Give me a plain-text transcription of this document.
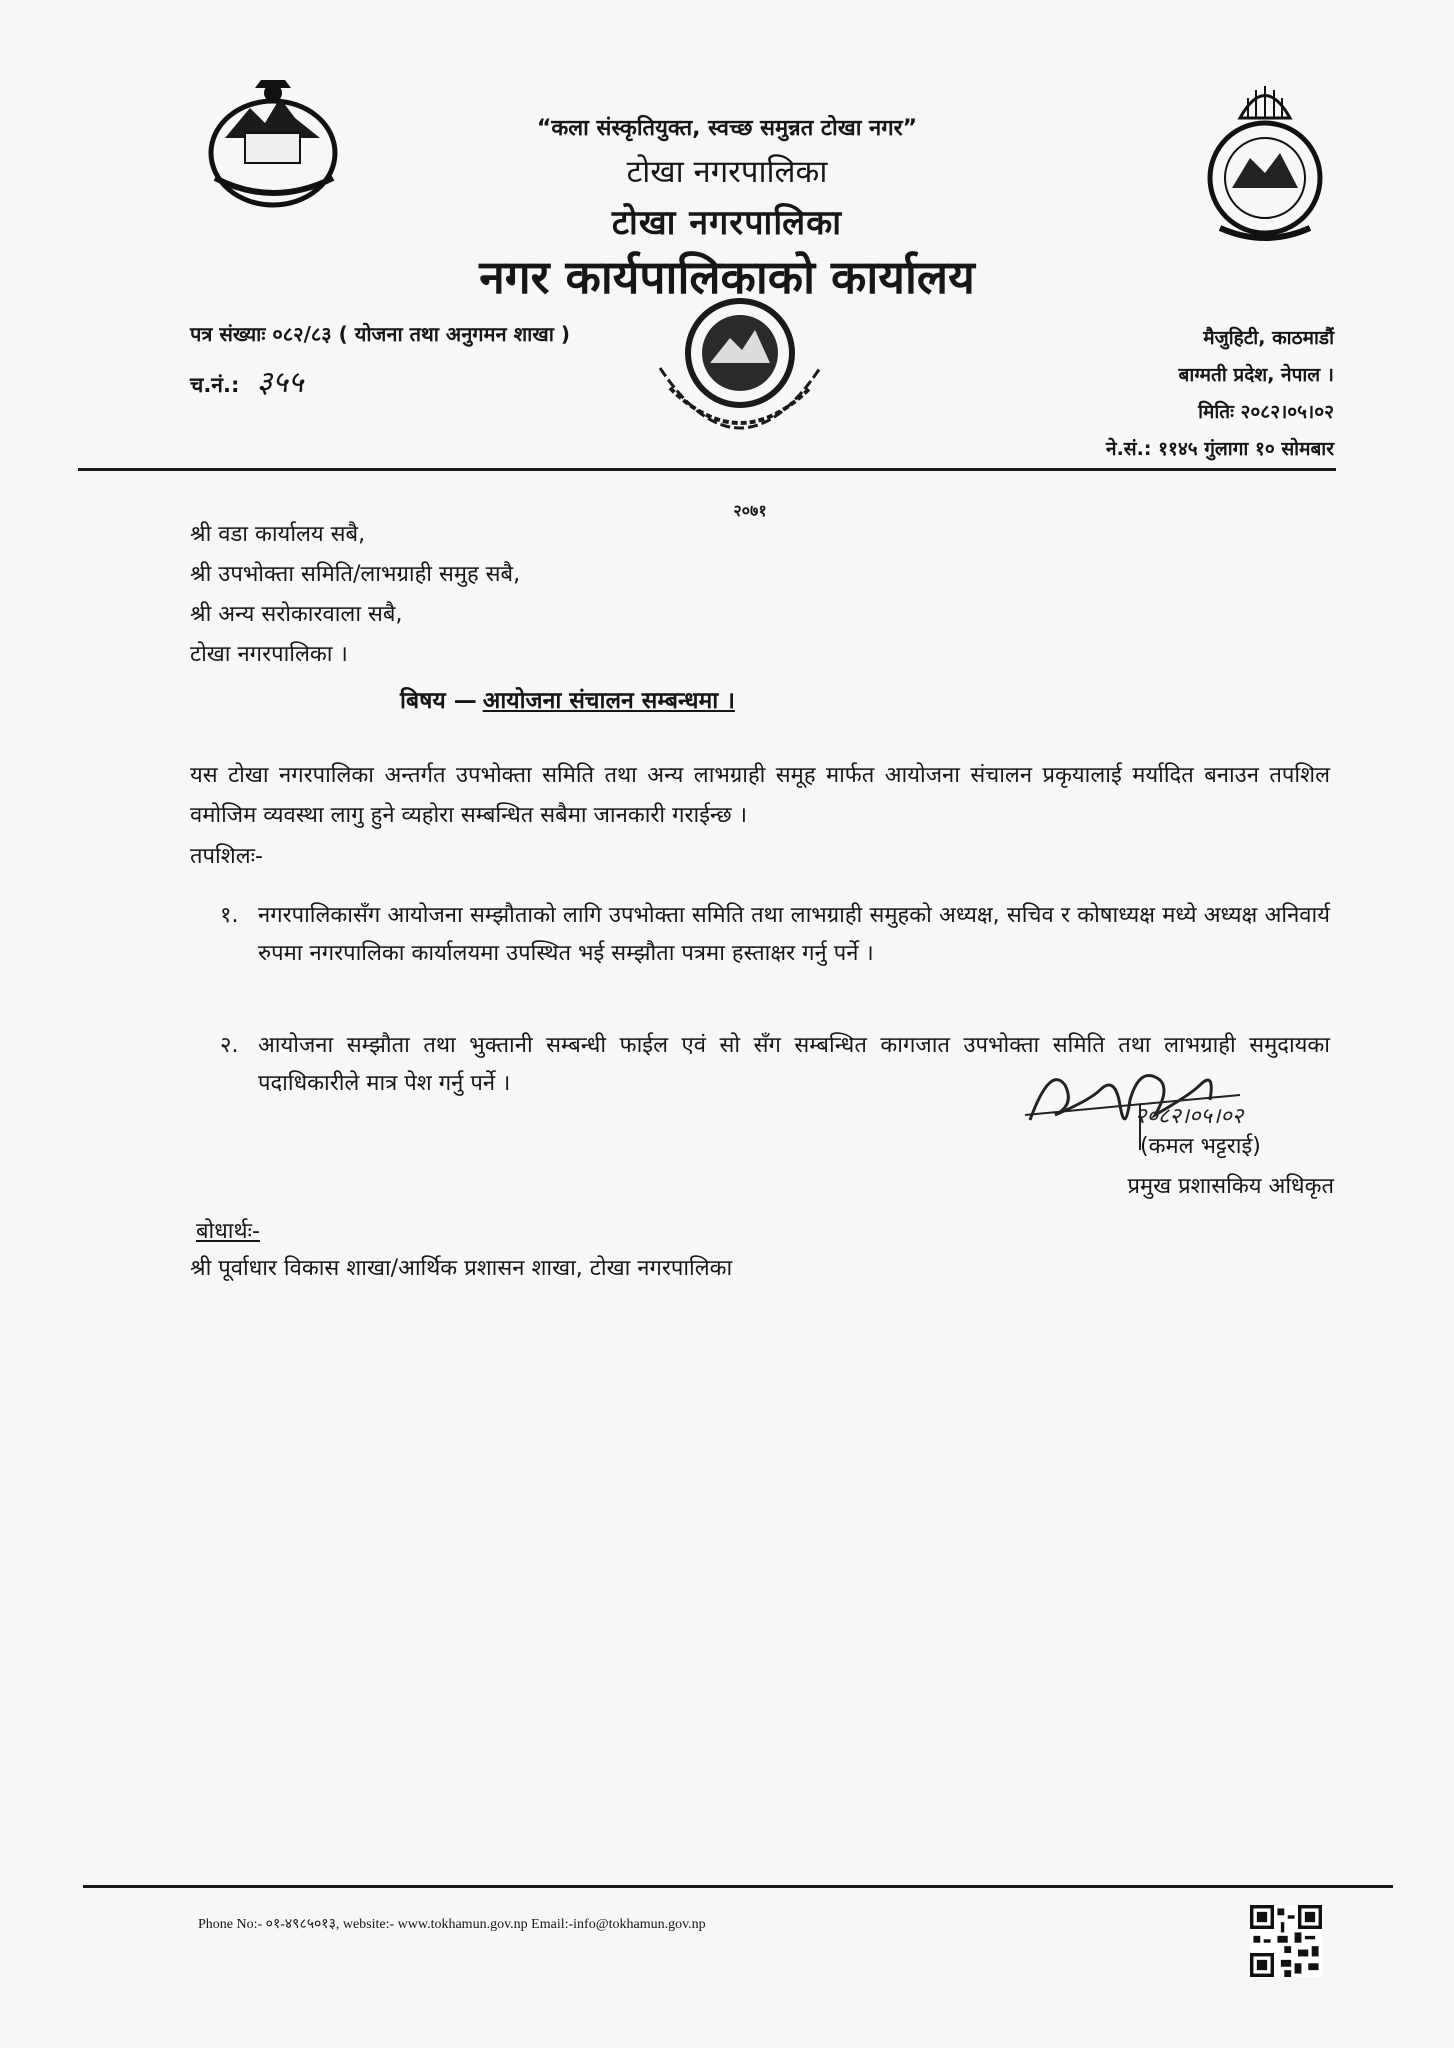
“कला संस्कृतियुक्त, स्वच्छ समुन्नत टोखा नगर”
टोखा नगरपालिका
टोखा नगरपालिका
नगर कार्यपालिकाको कार्यालय
पत्र संख्याः ०८२/८३ ( योजना तथा अनुगमन शाखा )
च.नं.: ३५५
मैजुहिटी, काठमाडौं
बाग्मती प्रदेश, नेपाल ।
मितिः २०८२।०५।०२
ने.सं.: ११४५ गुंलागा १० सोमबार
२०७१
श्री वडा कार्यालय सबै,
श्री उपभोक्ता समिति/लाभग्राही समुह सबै,
श्री अन्य सरोकारवाला सबै,
टोखा नगरपालिका ।
बिषय — आयोजना संचालन सम्बन्धमा ।
यस टोखा नगरपालिका अन्तर्गत उपभोक्ता समिति तथा अन्य लाभग्राही समूह मार्फत आयोजना संचालन प्रकृयालाई मर्यादित बनाउन तपशिल वमोजिम व्यवस्था लागु हुने व्यहोरा सम्बन्धित सबैमा जानकारी गराईन्छ ।
तपशिलः-
१. नगरपालिकासँग आयोजना सम्झौताको लागि उपभोक्ता समिति तथा लाभग्राही समुहको अध्यक्ष, सचिव र कोषाध्यक्ष मध्ये अध्यक्ष अनिवार्य रुपमा नगरपालिका कार्यालयमा उपस्थित भई सम्झौता पत्रमा हस्ताक्षर गर्नु पर्ने ।
२. आयोजना सम्झौता तथा भुक्तानी सम्बन्धी फाईल एवं सो सँग सम्बन्धित कागजात उपभोक्ता समिति तथा लाभग्राही समुदायका पदाधिकारीले मात्र पेश गर्नु पर्ने ।
२०८२।०५।०२
(कमल भट्टराई)
प्रमुख प्रशासकिय अधिकृत
बोधार्थः-
श्री पूर्वाधार विकास शाखा/आर्थिक प्रशासन शाखा, टोखा नगरपालिका
Phone No:- ०१-४९८५०१३, website:- www.tokhamun.gov.np Email:-info@tokhamun.gov.np
